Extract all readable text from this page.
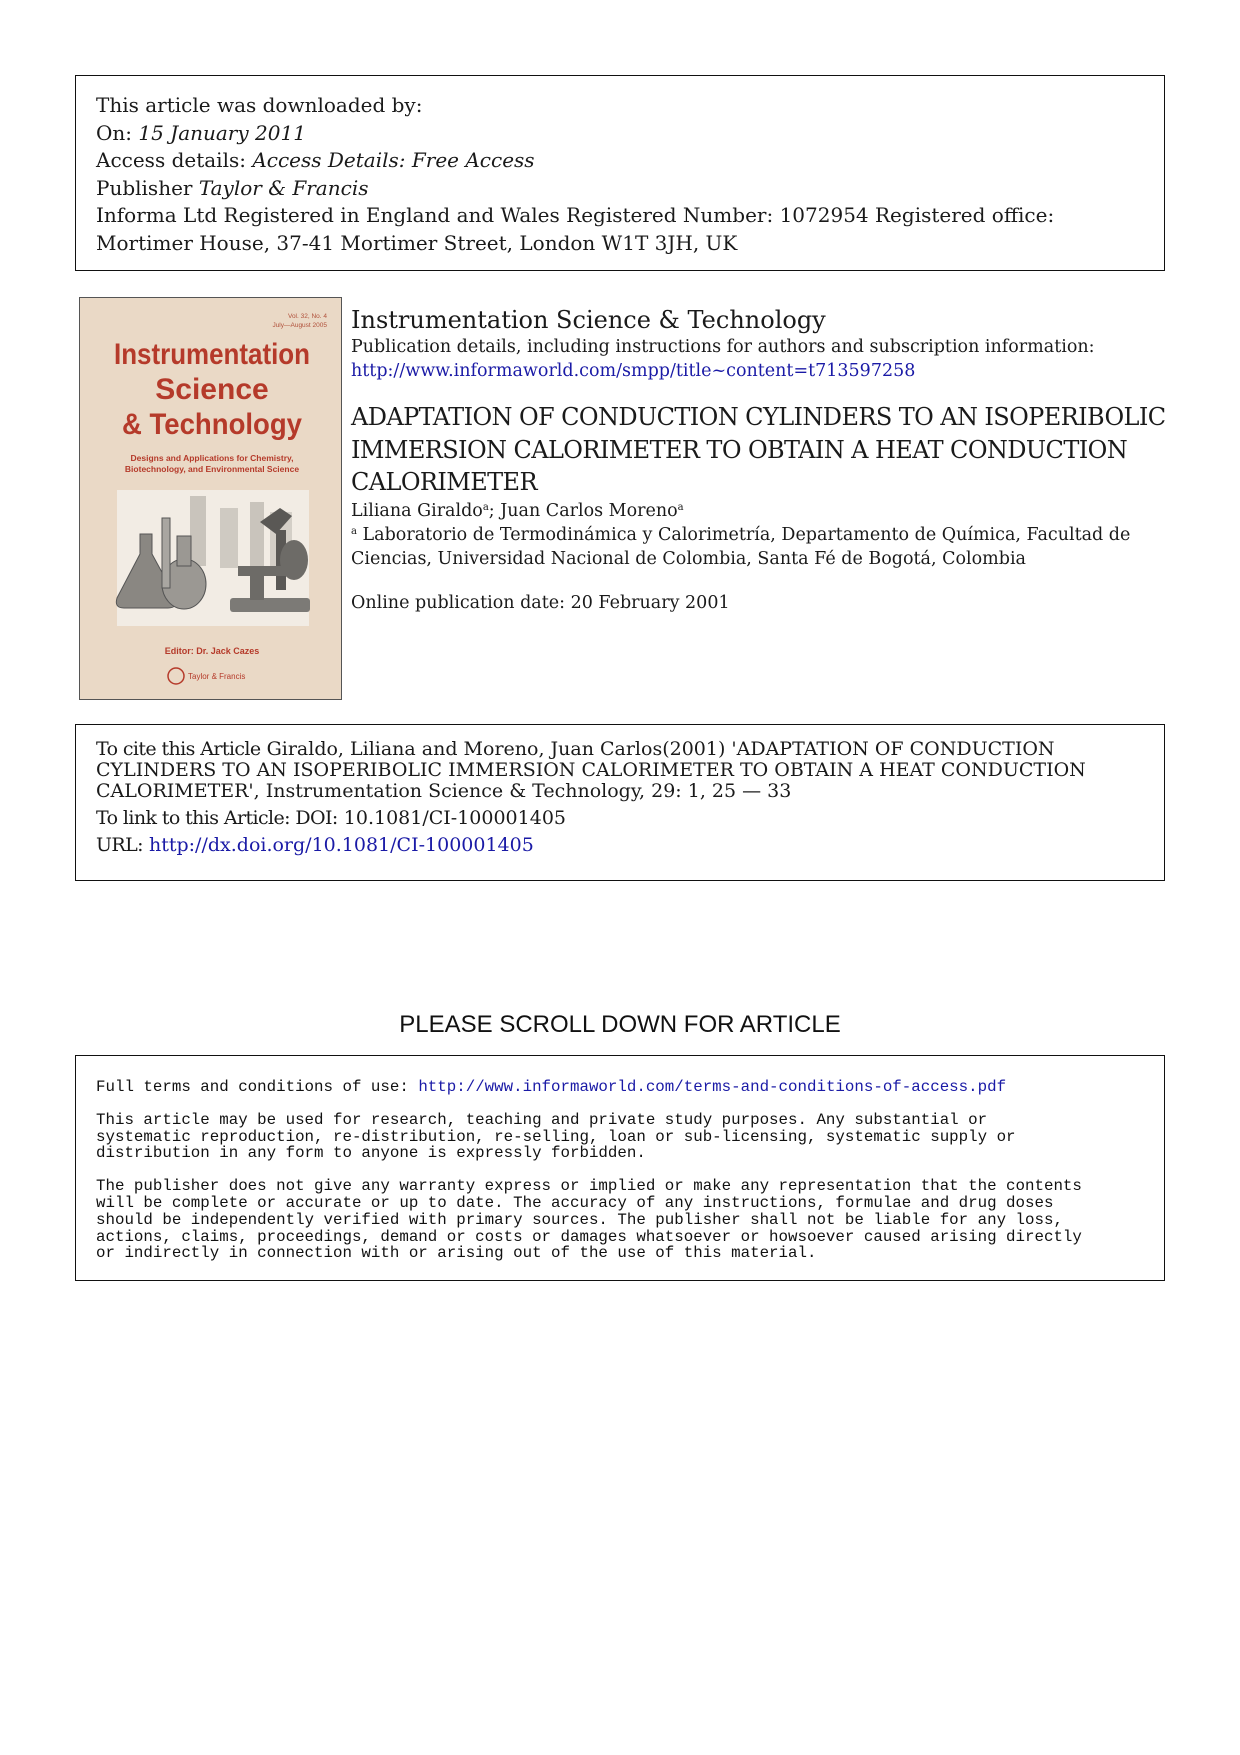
This article was downloaded by:
On: 15 January 2011
Access details: Access Details: Free Access
Publisher Taylor & Francis
Informa Ltd Registered in England and Wales Registered Number: 1072954 Registered office: Mortimer House, 37-41 Mortimer Street, London W1T 3JH, UK
Vol. 32, No. 4
July—August 2005
Instrumentation
Science
& Technology
Designs and Applications for Chemistry,
Biotechnology, and Environmental Science
Editor: Dr. Jack Cazes
Taylor & Francis
Instrumentation Science & Technology
Publication details, including instructions for authors and subscription information:
http://www.informaworld.com/smpp/title~content=t713597258
ADAPTATION OF CONDUCTION CYLINDERS TO AN ISOPERIBOLIC IMMERSION CALORIMETER TO OBTAIN A HEAT CONDUCTION CALORIMETER
Liliana Giraldo$^a$; Juan Carlos Moreno$^a$
$^a$ Laboratorio de Termodinámica y Calorimetría, Departamento de Química, Facultad de Ciencias, Universidad Nacional de Colombia, Santa Fé de Bogotá, Colombia
Online publication date: 20 February 2001
To cite this Article Giraldo, Liliana and Moreno, Juan Carlos(2001) 'ADAPTATION OF CONDUCTION CYLINDERS TO AN ISOPERIBOLIC IMMERSION CALORIMETER TO OBTAIN A HEAT CONDUCTION CALORIMETER', Instrumentation Science & Technology, 29: 1, 25 — 33
To link to this Article: DOI: 10.1081/CI-100001405
URL: http://dx.doi.org/10.1081/CI-100001405
PLEASE SCROLL DOWN FOR ARTICLE

Full terms and conditions of use: http://www.informaworld.com/terms-and-conditions-of-access.pdf

This article may be used for research, teaching and private study purposes. Any substantial or
systematic reproduction, re-distribution, re-selling, loan or sub-licensing, systematic supply or
distribution in any form to anyone is expressly forbidden.

The publisher does not give any warranty express or implied or make any representation that the contents
will be complete or accurate or up to date. The accuracy of any instructions, formulae and drug doses
should be independently verified with primary sources. The publisher shall not be liable for any loss,
actions, claims, proceedings, demand or costs or damages whatsoever or howsoever caused arising directly
or indirectly in connection with or arising out of the use of this material.
